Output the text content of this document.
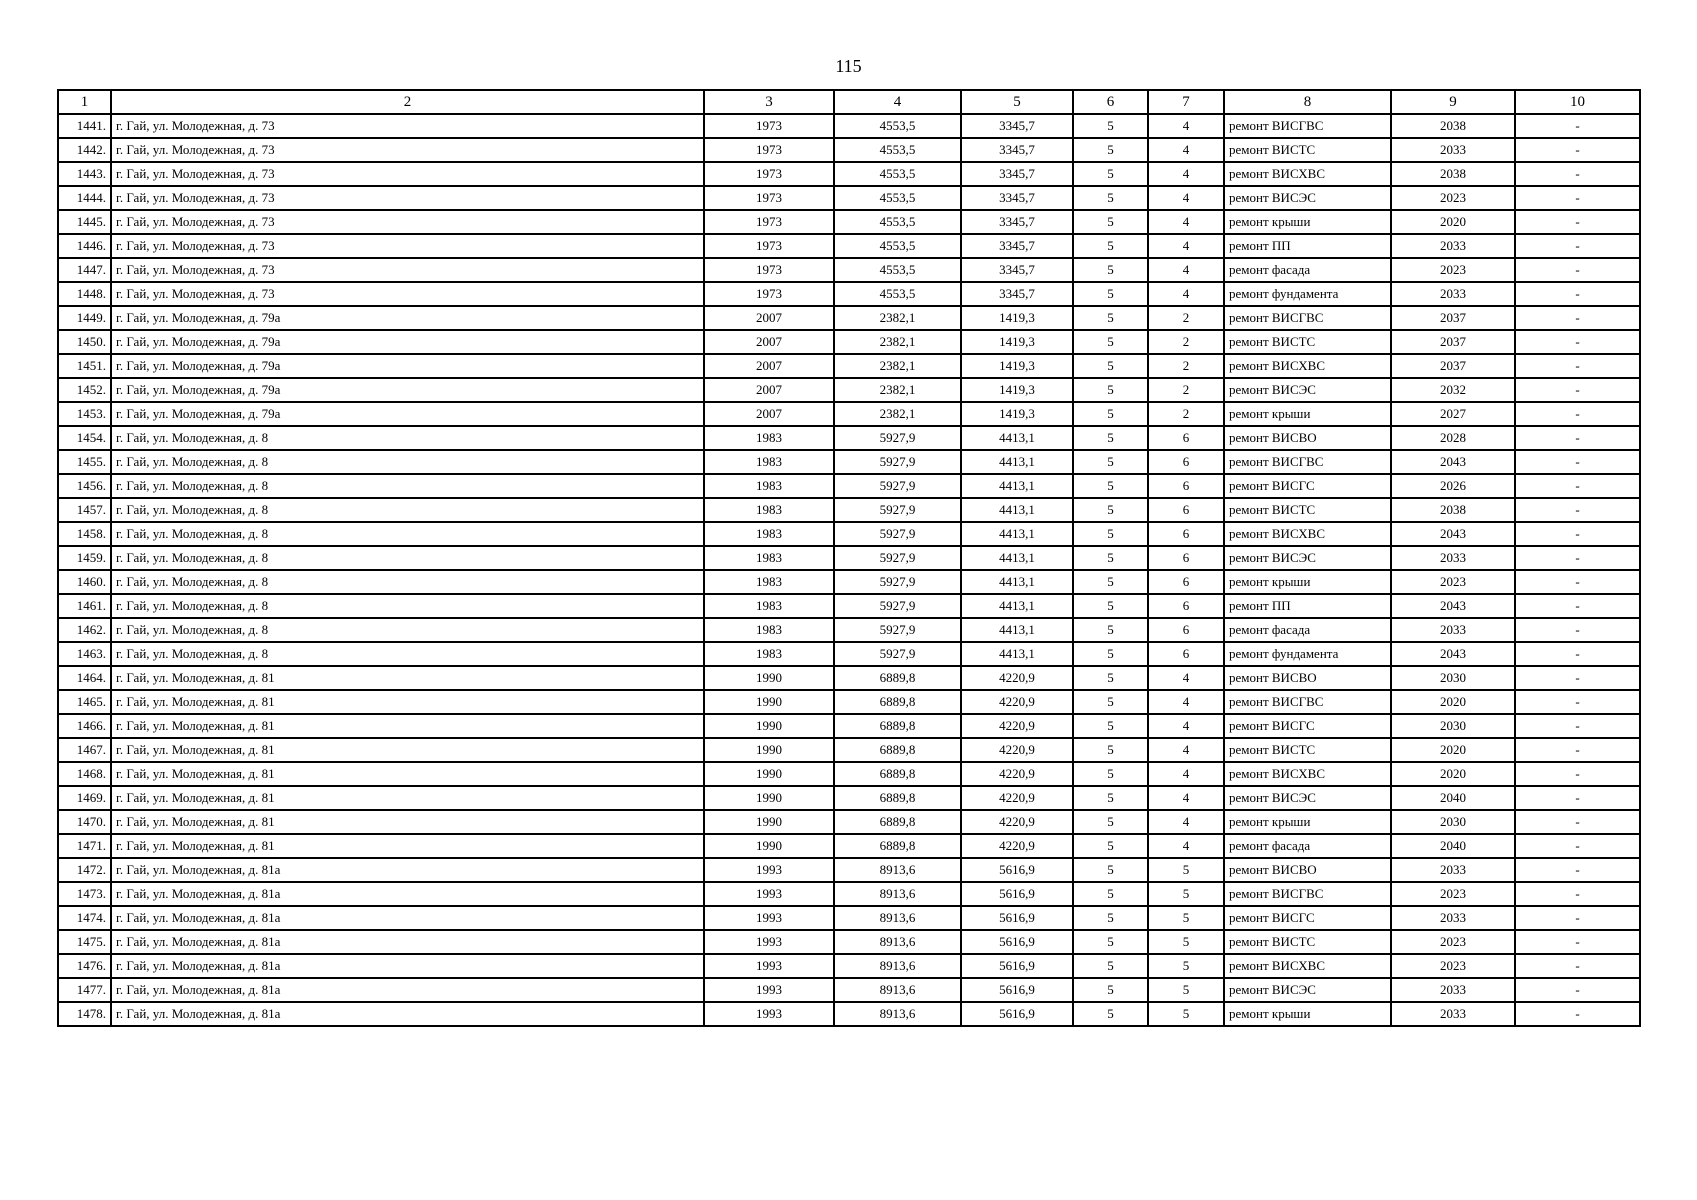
115
1	2	3	4	5	6	7	8	9	10
1441.	г. Гай, ул. Молодежная, д. 73	1973	4553,5	3345,7	5	4	ремонт ВИСГВС	2038	-
1442.	г. Гай, ул. Молодежная, д. 73	1973	4553,5	3345,7	5	4	ремонт ВИСТС	2033	-
1443.	г. Гай, ул. Молодежная, д. 73	1973	4553,5	3345,7	5	4	ремонт ВИСХВС	2038	-
1444.	г. Гай, ул. Молодежная, д. 73	1973	4553,5	3345,7	5	4	ремонт ВИСЭС	2023	-
1445.	г. Гай, ул. Молодежная, д. 73	1973	4553,5	3345,7	5	4	ремонт крыши	2020	-
1446.	г. Гай, ул. Молодежная, д. 73	1973	4553,5	3345,7	5	4	ремонт ПП	2033	-
1447.	г. Гай, ул. Молодежная, д. 73	1973	4553,5	3345,7	5	4	ремонт фасада	2023	-
1448.	г. Гай, ул. Молодежная, д. 73	1973	4553,5	3345,7	5	4	ремонт фундамента	2033	-
1449.	г. Гай, ул. Молодежная, д. 79а	2007	2382,1	1419,3	5	2	ремонт ВИСГВС	2037	-
1450.	г. Гай, ул. Молодежная, д. 79а	2007	2382,1	1419,3	5	2	ремонт ВИСТС	2037	-
1451.	г. Гай, ул. Молодежная, д. 79а	2007	2382,1	1419,3	5	2	ремонт ВИСХВС	2037	-
1452.	г. Гай, ул. Молодежная, д. 79а	2007	2382,1	1419,3	5	2	ремонт ВИСЭС	2032	-
1453.	г. Гай, ул. Молодежная, д. 79а	2007	2382,1	1419,3	5	2	ремонт крыши	2027	-
1454.	г. Гай, ул. Молодежная, д. 8	1983	5927,9	4413,1	5	6	ремонт ВИСВО	2028	-
1455.	г. Гай, ул. Молодежная, д. 8	1983	5927,9	4413,1	5	6	ремонт ВИСГВС	2043	-
1456.	г. Гай, ул. Молодежная, д. 8	1983	5927,9	4413,1	5	6	ремонт ВИСГС	2026	-
1457.	г. Гай, ул. Молодежная, д. 8	1983	5927,9	4413,1	5	6	ремонт ВИСТС	2038	-
1458.	г. Гай, ул. Молодежная, д. 8	1983	5927,9	4413,1	5	6	ремонт ВИСХВС	2043	-
1459.	г. Гай, ул. Молодежная, д. 8	1983	5927,9	4413,1	5	6	ремонт ВИСЭС	2033	-
1460.	г. Гай, ул. Молодежная, д. 8	1983	5927,9	4413,1	5	6	ремонт крыши	2023	-
1461.	г. Гай, ул. Молодежная, д. 8	1983	5927,9	4413,1	5	6	ремонт ПП	2043	-
1462.	г. Гай, ул. Молодежная, д. 8	1983	5927,9	4413,1	5	6	ремонт фасада	2033	-
1463.	г. Гай, ул. Молодежная, д. 8	1983	5927,9	4413,1	5	6	ремонт фундамента	2043	-
1464.	г. Гай, ул. Молодежная, д. 81	1990	6889,8	4220,9	5	4	ремонт ВИСВО	2030	-
1465.	г. Гай, ул. Молодежная, д. 81	1990	6889,8	4220,9	5	4	ремонт ВИСГВС	2020	-
1466.	г. Гай, ул. Молодежная, д. 81	1990	6889,8	4220,9	5	4	ремонт ВИСГС	2030	-
1467.	г. Гай, ул. Молодежная, д. 81	1990	6889,8	4220,9	5	4	ремонт ВИСТС	2020	-
1468.	г. Гай, ул. Молодежная, д. 81	1990	6889,8	4220,9	5	4	ремонт ВИСХВС	2020	-
1469.	г. Гай, ул. Молодежная, д. 81	1990	6889,8	4220,9	5	4	ремонт ВИСЭС	2040	-
1470.	г. Гай, ул. Молодежная, д. 81	1990	6889,8	4220,9	5	4	ремонт крыши	2030	-
1471.	г. Гай, ул. Молодежная, д. 81	1990	6889,8	4220,9	5	4	ремонт фасада	2040	-
1472.	г. Гай, ул. Молодежная, д. 81а	1993	8913,6	5616,9	5	5	ремонт ВИСВО	2033	-
1473.	г. Гай, ул. Молодежная, д. 81а	1993	8913,6	5616,9	5	5	ремонт ВИСГВС	2023	-
1474.	г. Гай, ул. Молодежная, д. 81а	1993	8913,6	5616,9	5	5	ремонт ВИСГС	2033	-
1475.	г. Гай, ул. Молодежная, д. 81а	1993	8913,6	5616,9	5	5	ремонт ВИСТС	2023	-
1476.	г. Гай, ул. Молодежная, д. 81а	1993	8913,6	5616,9	5	5	ремонт ВИСХВС	2023	-
1477.	г. Гай, ул. Молодежная, д. 81а	1993	8913,6	5616,9	5	5	ремонт ВИСЭС	2033	-
1478.	г. Гай, ул. Молодежная, д. 81а	1993	8913,6	5616,9	5	5	ремонт крыши	2033	-
